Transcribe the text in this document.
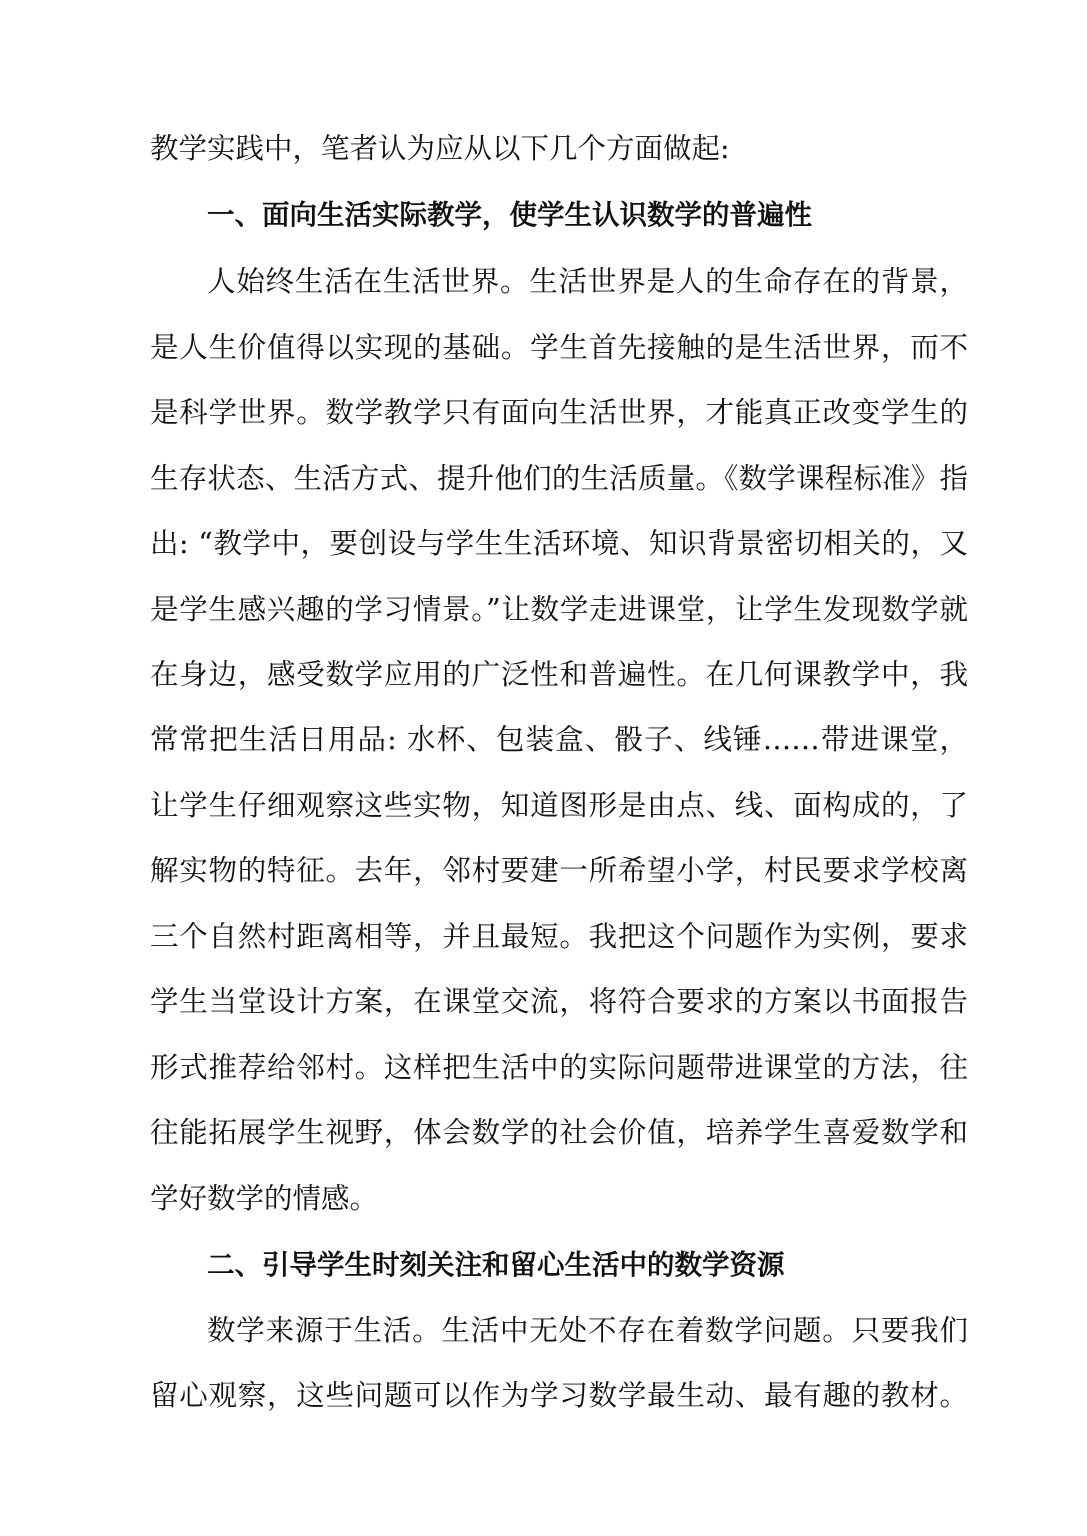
教学实践中，笔者认为应从以下几个方面做起:

一、面向生活实际教学，使学生认识数学的普遍性

人始终生活在生活世界。生活世界是人的生命存在的背景，

是人生价值得以实现的基础。学生首先接触的是生活世界，而不

是科学世界。数学教学只有面向生活世界，才能真正改变学生的

生存状态、生活方式、提升他们的生活质量。《数学课程标准》指

出: “教学中，要创设与学生生活环境、知识背景密切相关的，又

是学生感兴趣的学习情景。”让数学走进课堂，让学生发现数学就

在身边，感受数学应用的广泛性和普遍性。在几何课教学中，我

常常把生活日用品: 水杯、包装盒、骰子、线锤……带进课堂，

让学生仔细观察这些实物，知道图形是由点、线、面构成的，了

解实物的特征。去年，邻村要建一所希望小学，村民要求学校离

三个自然村距离相等，并且最短。我把这个问题作为实例，要求

学生当堂设计方案，在课堂交流，将符合要求的方案以书面报告

形式推荐给邻村。这样把生活中的实际问题带进课堂的方法，往

往能拓展学生视野，体会数学的社会价值，培养学生喜爱数学和

学好数学的情感。

二、引导学生时刻关注和留心生活中的数学资源

数学来源于生活。生活中无处不存在着数学问题。只要我们

留心观察，这些问题可以作为学习数学最生动、最有趣的教材。
